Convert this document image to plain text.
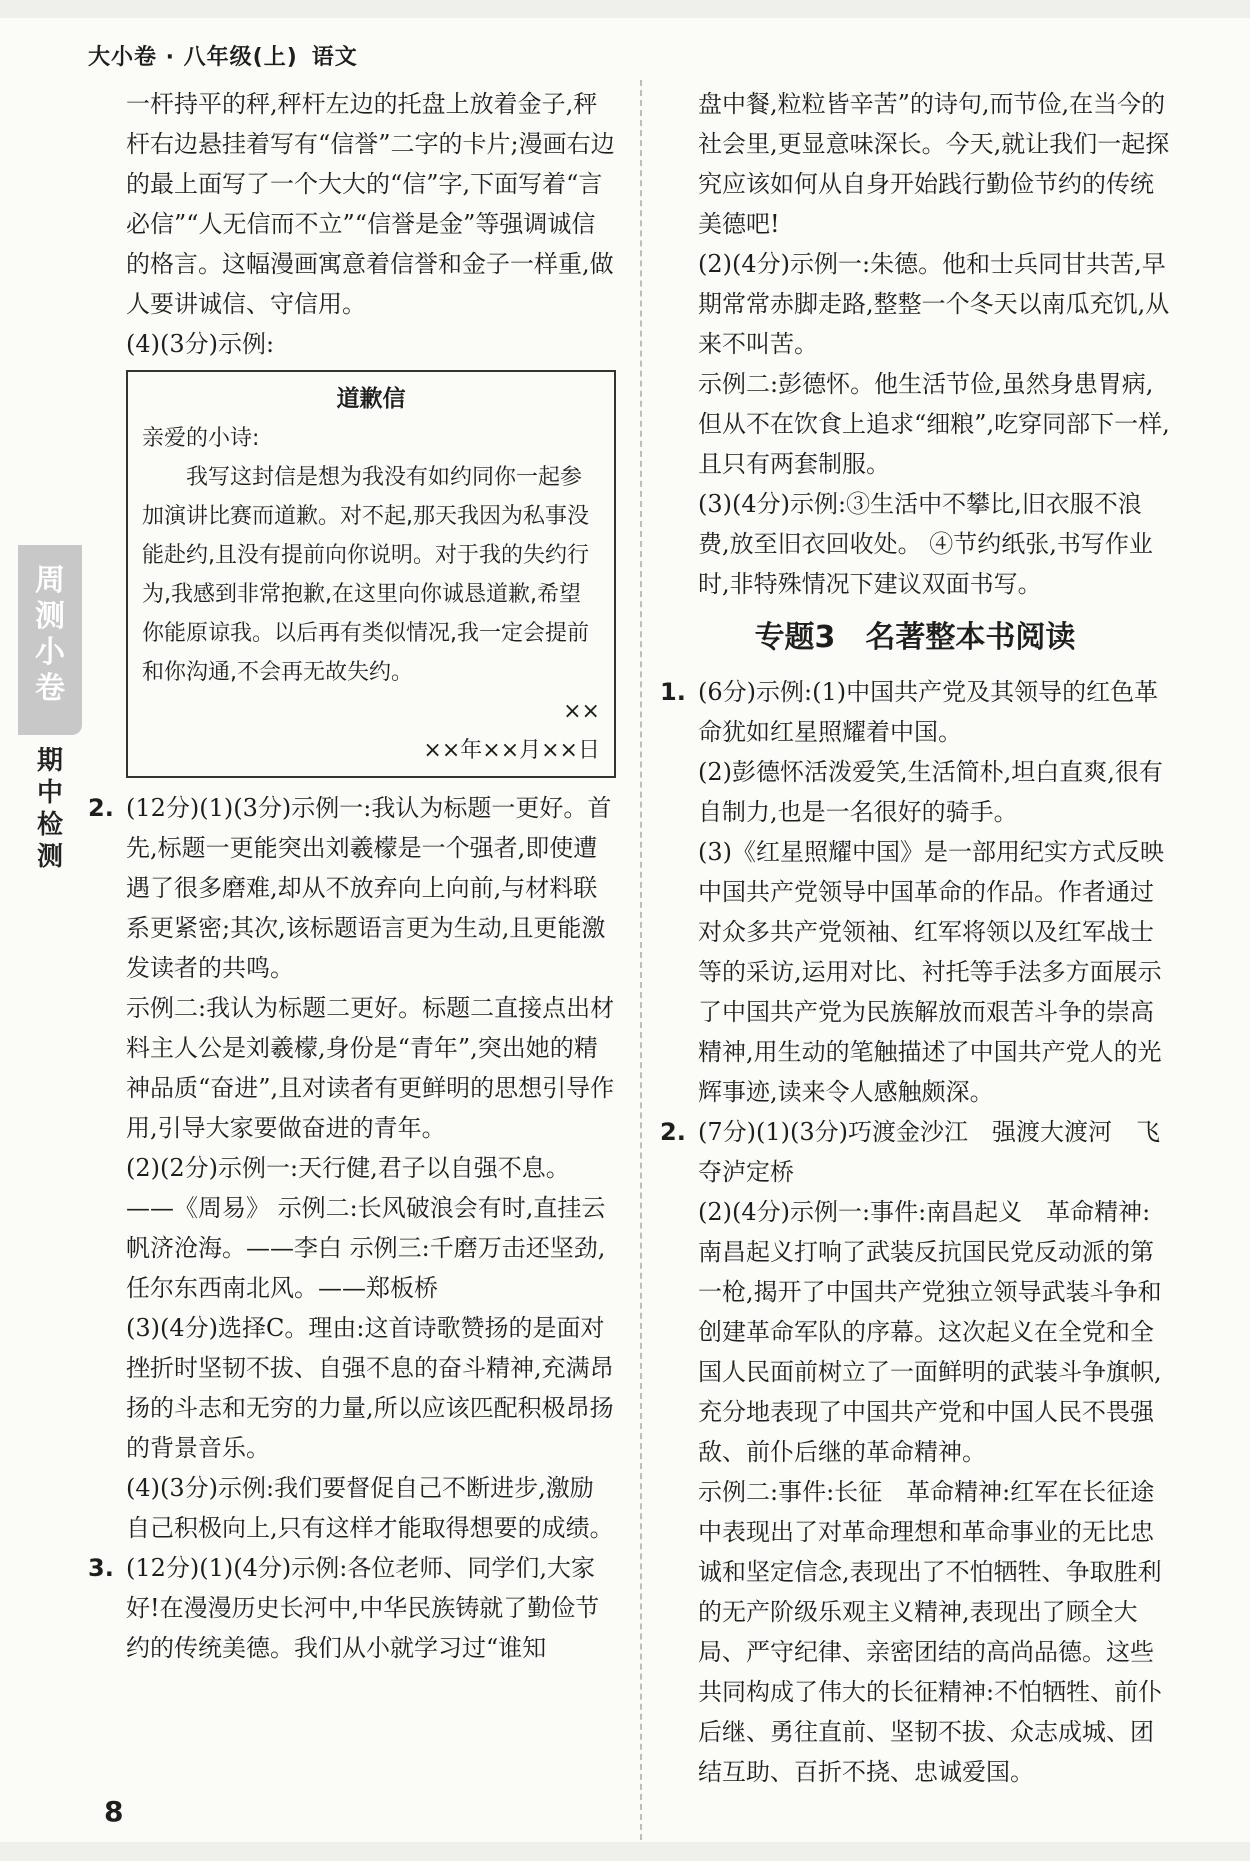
大小卷 · 八年级(上) 语文
周测小卷
期中检测

一杆持平的秤,秤杆左边的托盘上放着金子,秤杆右边悬挂着写有“信誉”二字的卡片;漫画右边的最上面写了一个大大的“信”字,下面写着“言必信”“人无信而不立”“信誉是金”等强调诚信的格言。这幅漫画寓意着信誉和金子一样重,做人要讲诚信、守信用。

(4)(3分)示例:

道歉信
亲爱的小诗:
我写这封信是想为我没有如约同你一起参加演讲比赛而道歉。对不起,那天我因为私事没能赴约,且没有提前向你说明。对于我的失约行为,我感到非常抱歉,在这里向你诚恳道歉,希望你能原谅我。以后再有类似情况,我一定会提前和你沟通,不会再无故失约。
××
××年××月××日

2. (12分)(1)(3分)示例一:我认为标题一更好。首先,标题一更能突出刘羲檬是一个强者,即使遭遇了很多磨难,却从不放弃向上向前,与材料联系更紧密;其次,该标题语言更为生动,且更能激发读者的共鸣。

示例二:我认为标题二更好。标题二直接点出材料主人公是刘羲檬,身份是“青年”,突出她的精神品质“奋进”,且对读者有更鲜明的思想引导作用,引导大家要做奋进的青年。

(2)(2分)示例一:天行健,君子以自强不息。——《周易》 示例二:长风破浪会有时,直挂云帆济沧海。——李白 示例三:千磨万击还坚劲,任尔东西南北风。——郑板桥

(3)(4分)选择C。理由:这首诗歌赞扬的是面对挫折时坚韧不拔、自强不息的奋斗精神,充满昂扬的斗志和无穷的力量,所以应该匹配积极昂扬的背景音乐。

(4)(3分)示例:我们要督促自己不断进步,激励自己积极向上,只有这样才能取得想要的成绩。

3. (12分)(1)(4分)示例:各位老师、同学们,大家好!在漫漫历史长河中,中华民族铸就了勤俭节约的传统美德。我们从小就学习过“谁知

盘中餐,粒粒皆辛苦”的诗句,而节俭,在当今的社会里,更显意味深长。今天,就让我们一起探究应该如何从自身开始践行勤俭节约的传统美德吧!

(2)(4分)示例一:朱德。他和士兵同甘共苦,早期常常赤脚走路,整整一个冬天以南瓜充饥,从来不叫苦。

示例二:彭德怀。他生活节俭,虽然身患胃病,但从不在饮食上追求“细粮”,吃穿同部下一样,且只有两套制服。

(3)(4分)示例:③生活中不攀比,旧衣服不浪费,放至旧衣回收处。 ④节约纸张,书写作业时,非特殊情况下建议双面书写。

专题3　名著整本书阅读

1. (6分)示例:(1)中国共产党及其领导的红色革命犹如红星照耀着中国。

(2)彭德怀活泼爱笑,生活简朴,坦白直爽,很有自制力,也是一名很好的骑手。

(3)《红星照耀中国》是一部用纪实方式反映中国共产党领导中国革命的作品。作者通过对众多共产党领袖、红军将领以及红军战士等的采访,运用对比、衬托等手法多方面展示了中国共产党为民族解放而艰苦斗争的崇高精神,用生动的笔触描述了中国共产党人的光辉事迹,读来令人感触颇深。

2. (7分)(1)(3分)巧渡金沙江　强渡大渡河　飞夺泸定桥

(2)(4分)示例一:事件:南昌起义　革命精神:南昌起义打响了武装反抗国民党反动派的第一枪,揭开了中国共产党独立领导武装斗争和创建革命军队的序幕。这次起义在全党和全国人民面前树立了一面鲜明的武装斗争旗帜,充分地表现了中国共产党和中国人民不畏强敌、前仆后继的革命精神。

示例二:事件:长征　革命精神:红军在长征途中表现出了对革命理想和革命事业的无比忠诚和坚定信念,表现出了不怕牺牲、争取胜利的无产阶级乐观主义精神,表现出了顾全大局、严守纪律、亲密团结的高尚品德。这些共同构成了伟大的长征精神:不怕牺牲、前仆后继、勇往直前、坚韧不拔、众志成城、团结互助、百折不挠、忠诚爱国。

8
